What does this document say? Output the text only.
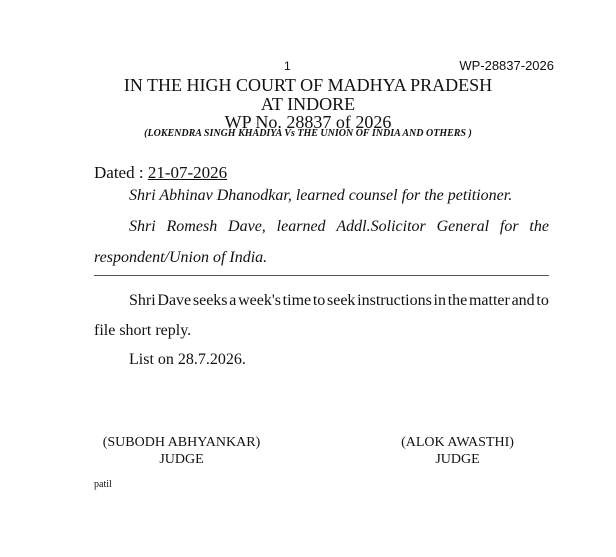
1	WP-28837-2026
IN THE HIGH COURT OF MADHYA PRADESH
AT INDORE
WP No. 28837 of 2026
(LOKENDRA SINGH KHADIYA Vs THE UNION OF INDIA AND OTHERS )
Dated : 21-07-2026
Shri Abhinav Dhanodkar, learned counsel for the petitioner.
Shri Romesh Dave, learned Addl.Solicitor General for the
respondent/Union of India.
Shri Dave seeks a week's time to seek instructions in the matter and to
file short reply.
List on 28.7.2026.
(SUBODH ABHYANKAR)
JUDGE
(ALOK AWASTHI)
JUDGE
patil
